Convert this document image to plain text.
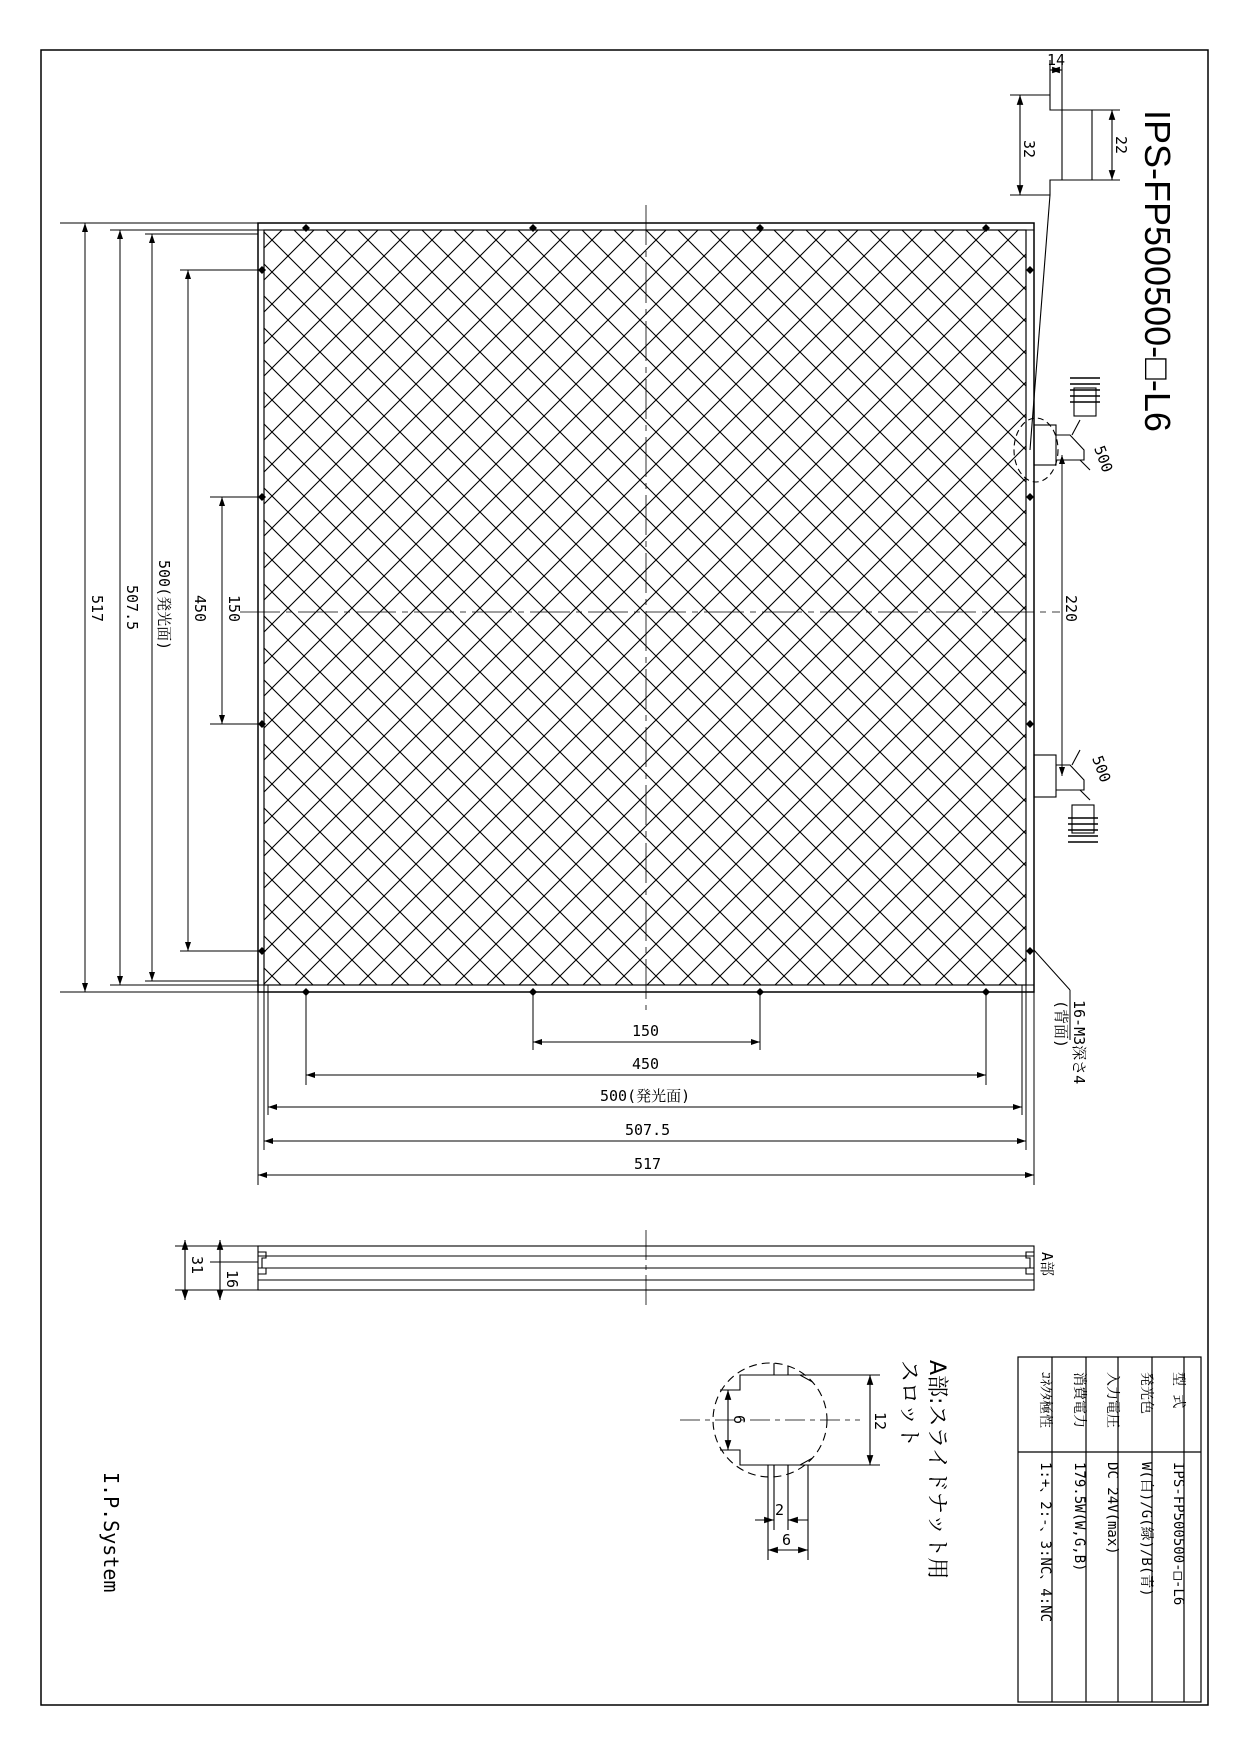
IPS-FP500500-□-L6
14
32	22
500
500
220
16-M3深さ4
(背面)
517 507.5 500(発光面) 450 150
150
450
500(発光面)
507.5
517
31
16
A部
12
6
2
6	A部:スライドナット用
スロット
I.P.System
型 式
IPS-FP500500-□-L6
発光色
W(白)/G(緑)/B(青)
入力電圧
DC 24V(max)
消費電力
179.5W(W,G,B)
ｺﾈｸﾀ極性
1:+、2:-、3:NC、4:NC
